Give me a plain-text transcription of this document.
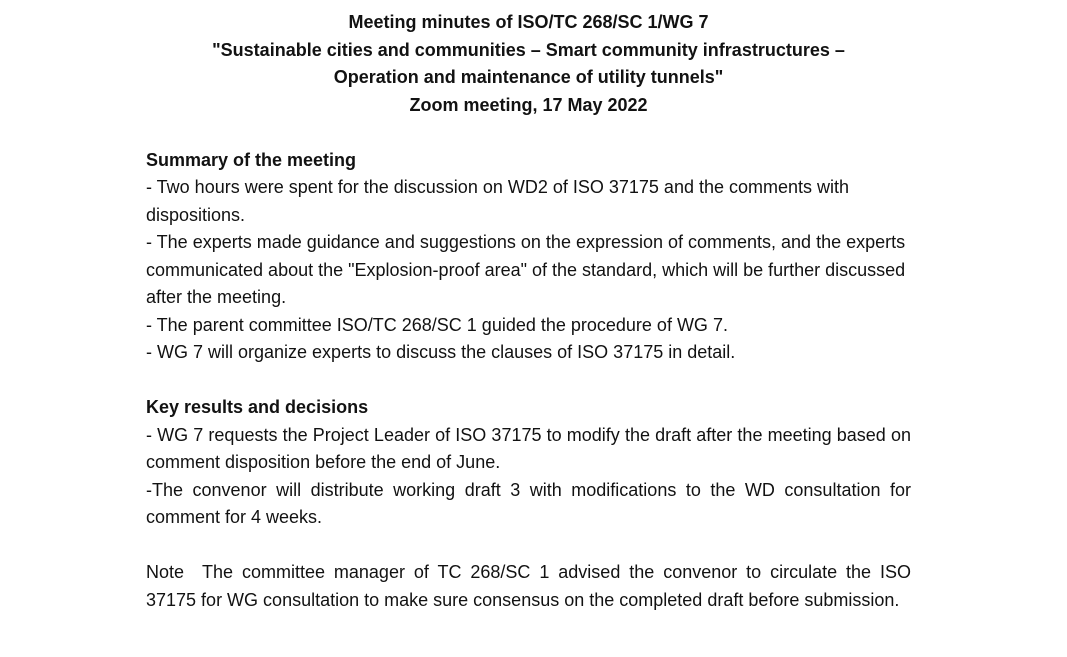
Meeting minutes of ISO/TC 268/SC 1/WG 7
"Sustainable cities and communities – Smart community infrastructures –
Operation and maintenance of utility tunnels"
Zoom meeting, 17 May 2022
Summary of the meeting

- Two hours were spent for the discussion on WD2 of ISO 37175 and the comments with dispositions.

- The experts made guidance and suggestions on the expression of comments, and the experts communicated about the "Explosion-proof area" of the standard, which will be further discussed after the meeting.

- The parent committee ISO/TC 268/SC 1 guided the procedure of WG 7.

- WG 7 will organize experts to discuss the clauses of ISO 37175 in detail.

Key results and decisions

- WG 7 requests the Project Leader of ISO 37175 to modify the draft after the meeting based on comment disposition before the end of June.

-The convenor will distribute working draft 3 with modifications to the WD consultation for comment for 4 weeks.

Note The committee manager of TC 268/SC 1 advised the convenor to circulate the ISO 37175 for WG consultation to make sure consensus on the completed draft before submission.
